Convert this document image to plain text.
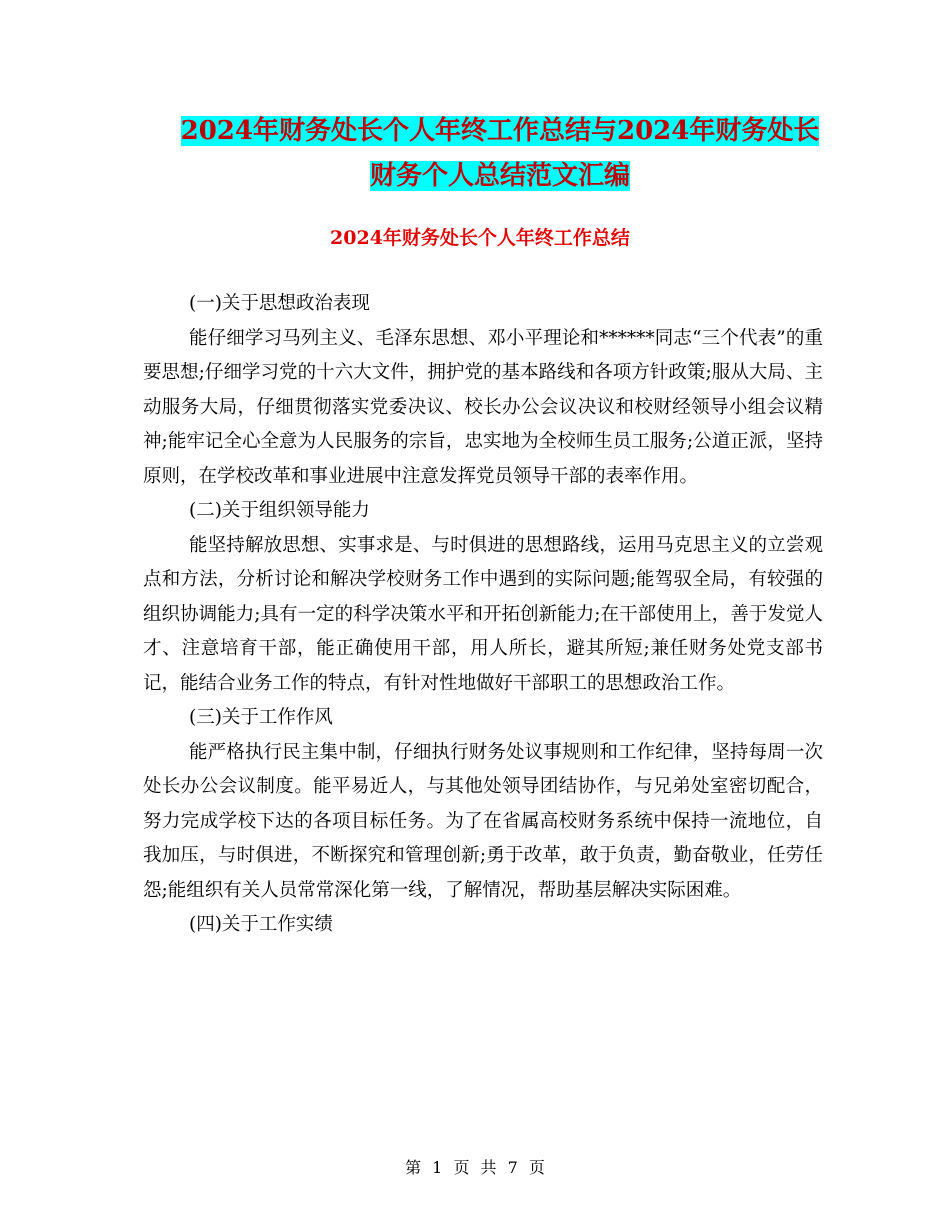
2024年财务处长个人年终工作总结与2024年财务处长
财务个人总结范文汇编
2024年财务处长个人年终工作总结
(一)关于思想政治表现
能仔细学习马列主义、毛泽东思想、邓小平理论和******同志“三个代表”的重要思想;仔细学习党的十六大文件，拥护党的基本路线和各项方针政策;服从大局、主动服务大局，仔细贯彻落实党委决议、校长办公会议决议和校财经领导小组会议精神;能牢记全心全意为人民服务的宗旨，忠实地为全校师生员工服务;公道正派，坚持原则，在学校改革和事业进展中注意发挥党员领导干部的表率作用。
(二)关于组织领导能力
能坚持解放思想、实事求是、与时俱进的思想路线，运用马克思主义的立尝观点和方法，分析讨论和解决学校财务工作中遇到的实际问题;能驾驭全局，有较强的组织协调能力;具有一定的科学决策水平和开拓创新能力;在干部使用上，善于发觉人才、注意培育干部，能正确使用干部，用人所长，避其所短;兼任财务处党支部书记，能结合业务工作的特点，有针对性地做好干部职工的思想政治工作。
(三)关于工作作风
能严格执行民主集中制，仔细执行财务处议事规则和工作纪律，坚持每周一次处长办公会议制度。能平易近人，与其他处领导团结协作，与兄弟处室密切配合，努力完成学校下达的各项目标任务。为了在省属高校财务系统中保持一流地位，自我加压，与时俱进，不断探究和管理创新;勇于改革，敢于负责，勤奋敬业，任劳任怨;能组织有关人员常常深化第一线，了解情况，帮助基层解决实际困难。
(四)关于工作实绩
第 1 页 共 7 页
